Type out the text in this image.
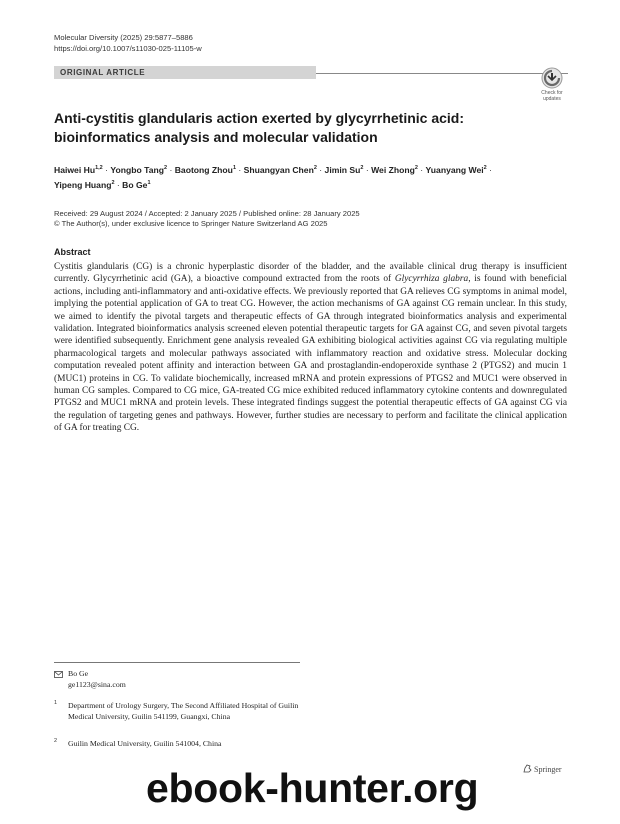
Molecular Diversity (2025) 29:5877–5886
https://doi.org/10.1007/s11030-025-11105-w
ORIGINAL ARTICLE
Check for
updates
Anti-cystitis glandularis action exerted by glycyrrhetinic acid: bioinformatics analysis and molecular validation
Haiwei Hu$^{1,2}$ · Yongbo Tang$^2$ · Baotong Zhou$^1$ · Shuangyan Chen$^2$ · Jimin $Su^2$ · Wei Zhong$^2$ · Yuanyang Wei$^2$ ·
Yipeng Huang$^2$ · Bo Ge$^1$
Received: 29 August 2024 / Accepted: 2 January 2025 / Published online: 28 January 2025
© The Author(s), under exclusive licence to Springer Nature Switzerland AG 2025
Abstract
Cystitis glandularis (CG) is a chronic hyperplastic disorder of the bladder, and the available clinical drug therapy is insufficient currently. Glycyrrhetinic acid (GA), a bioactive compound extracted from the roots of Glycyrrhiza glabra, is found with beneficial actions, including anti-inflammatory and anti-oxidative effects. We previously reported that GA relieves CG symptoms in animal model, implying the potential application of GA to treat CG. However, the action mechanisms of GA against CG remain unclear. In this study, we aimed to identify the pivotal targets and therapeutic effects of GA through integrated bioinformatics analysis and experimental validation. Integrated bioinformatics analysis screened eleven potential therapeutic targets for GA against CG, and seven pivotal targets were identified subsequently. Enrichment gene analysis revealed GA exhibiting biological activities against CG via regulating multiple pharmacological targets and molecular pathways associated with inflammatory reaction and oxidative stress. Molecular docking computation revealed potent affinity and interaction between GA and prostaglandin-endoperoxide synthase 2 (PTGS2) and mucin 1 (MUC1) proteins in CG. To validate biochemically, increased mRNA and protein expressions of PTGS2 and MUC1 were observed in human CG samples. Compared to CG mice, GA-treated CG mice exhibited reduced inflammatory cytokine contents and downregulated PTGS2 and MUC1 mRNA and protein levels. These integrated findings suggest the potential therapeutic effects of GA against CG via the regulation of targeting genes and pathways. However, further studies are necessary to perform and facilitate the clinical application of GA for treating CG.
Bo Ge
ge1123@sina.com
1 Department of Urology Surgery, The Second Affiliated Hospital of Guilin Medical University, Guilin 541199, Guangxi, China
2 Guilin Medical University, Guilin 541004, China
Springer
ebook-hunter.org
